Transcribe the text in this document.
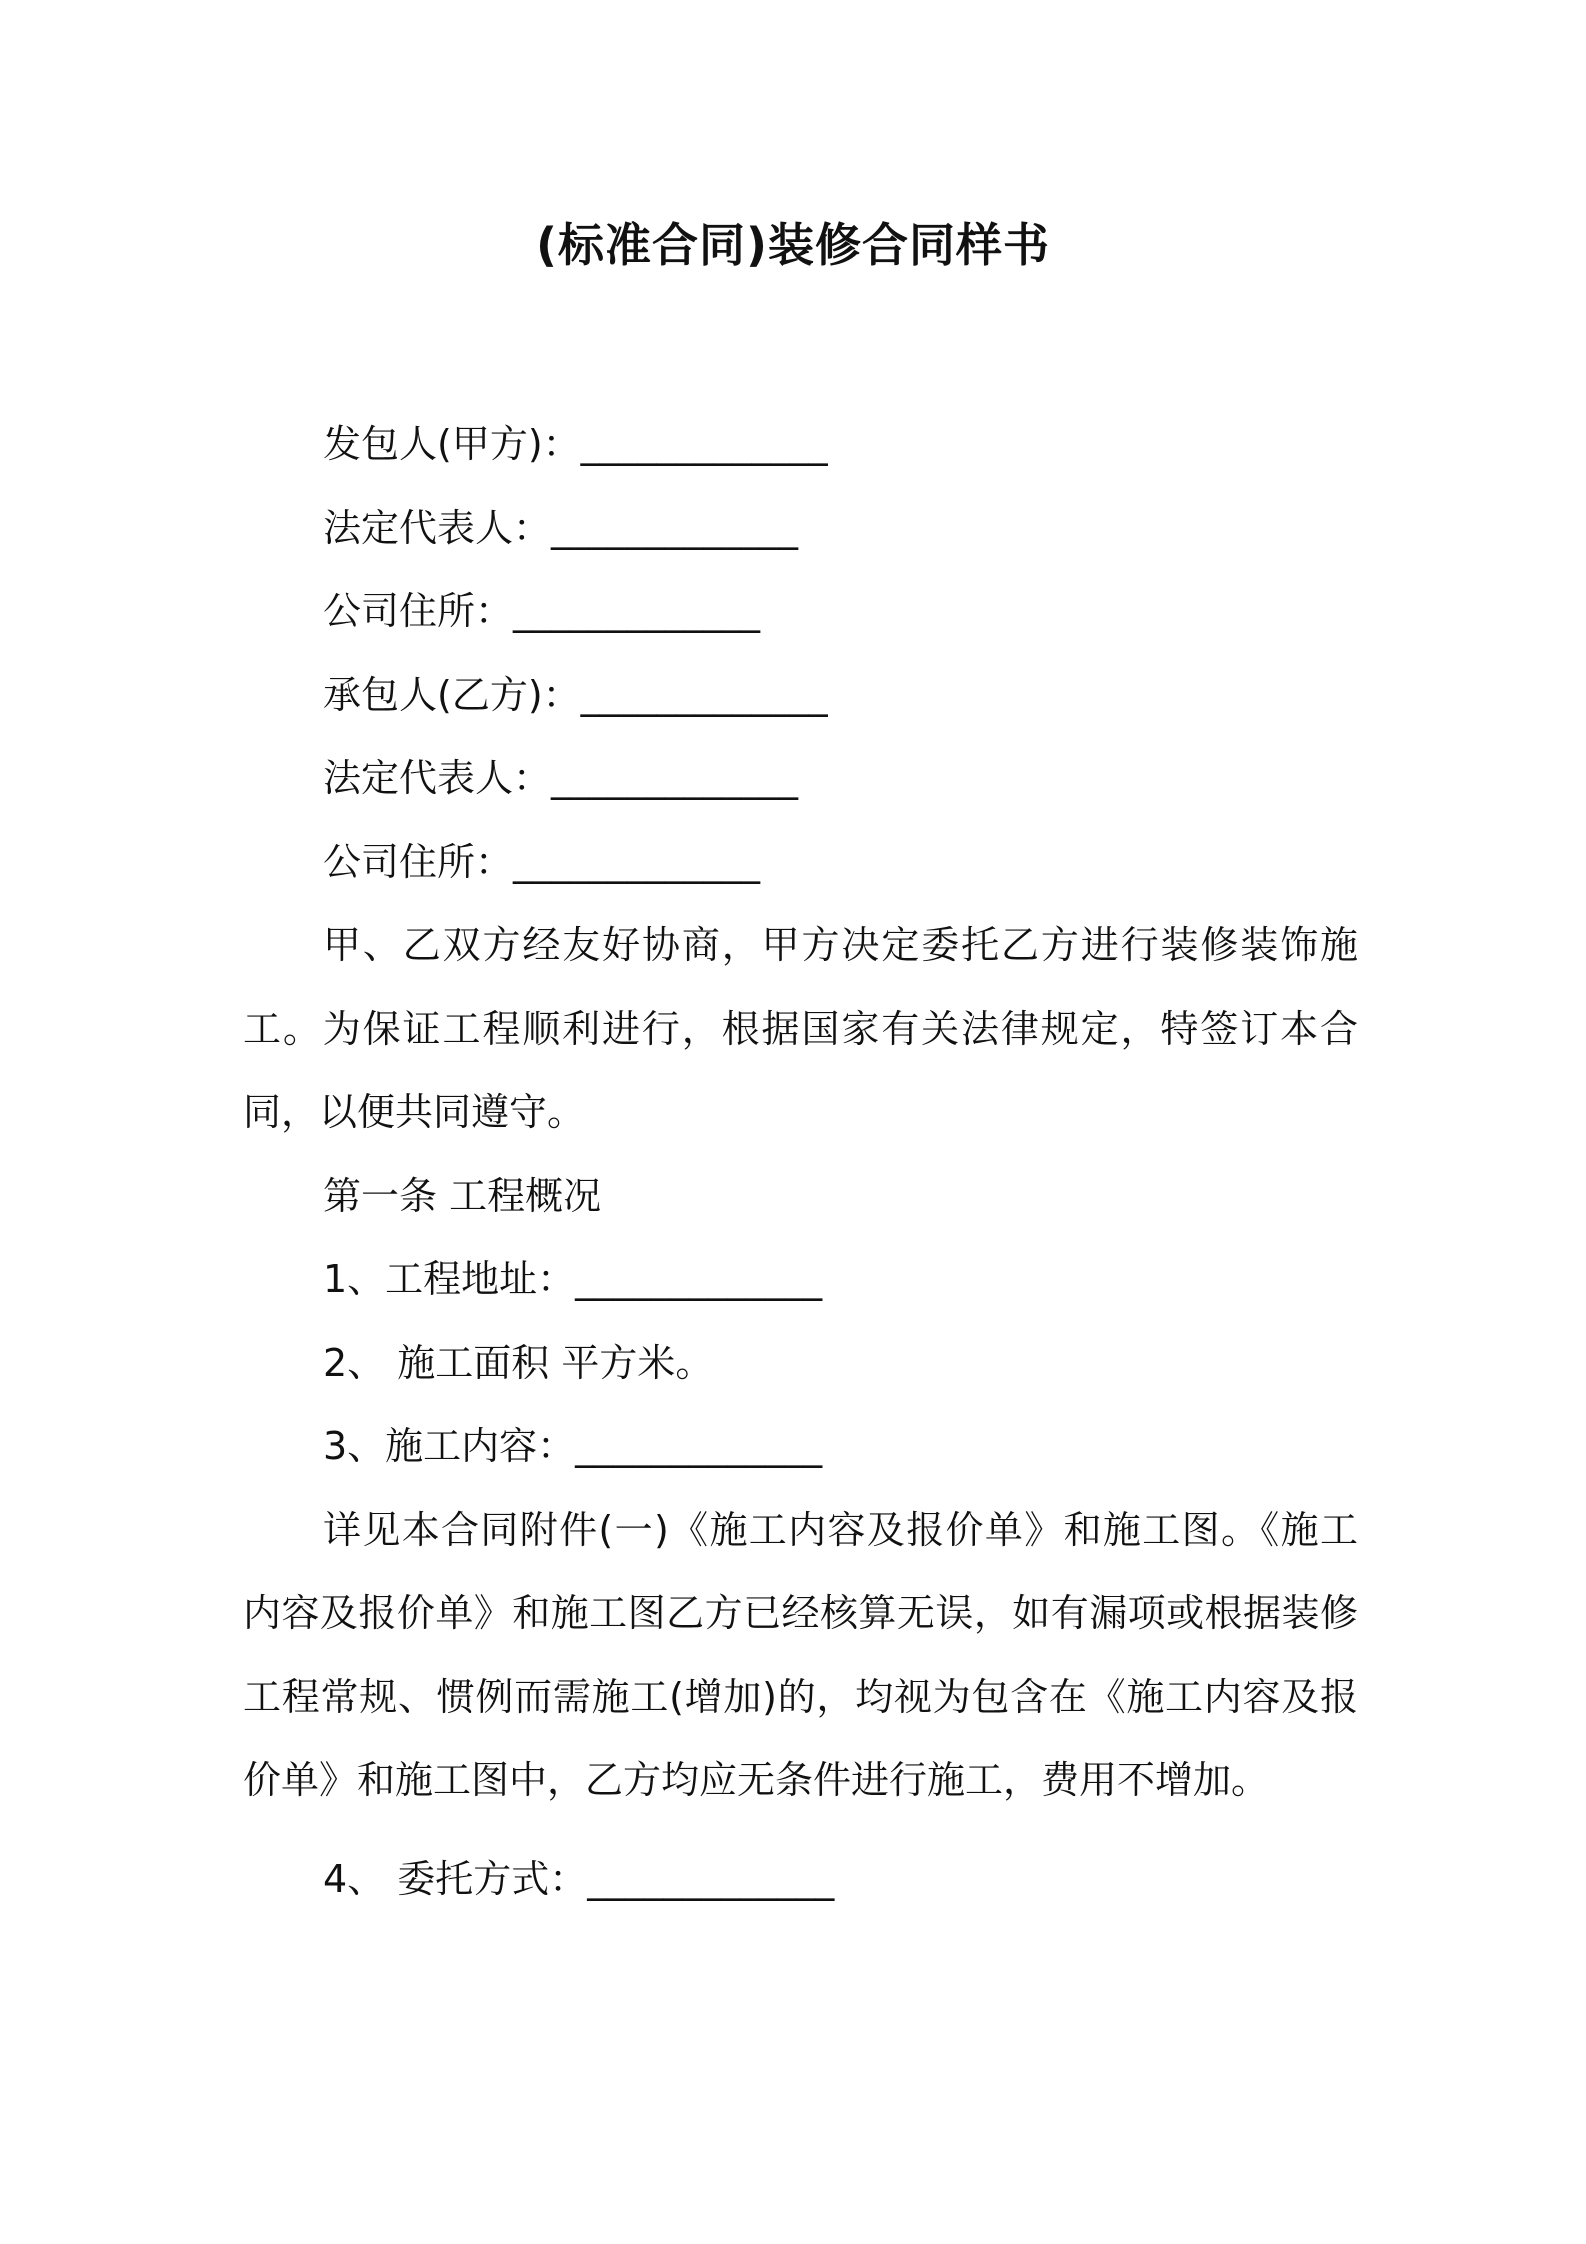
(标准合同)装修合同样书

发包人(甲方)：_____________

法定代表人：_____________

公司住所：_____________

承包人(乙方)：_____________

法定代表人：_____________

公司住所：_____________

甲、乙双方经友好协商，甲方决定委托乙方进行装修装饰施工。为保证工程顺利进行，根据国家有关法律规定，特签订本合同，以便共同遵守。

第一条 工程概况

1、工程地址：_____________

2、 施工面积 平方米。

3、施工内容：_____________

详见本合同附件(一)《施工内容及报价单》和施工图。《施工内容及报价单》和施工图乙方已经核算无误，如有漏项或根据装修工程常规、惯例而需施工(增加)的，均视为包含在《施工内容及报价单》和施工图中，乙方均应无条件进行施工，费用不增加。

4、 委托方式：_____________
